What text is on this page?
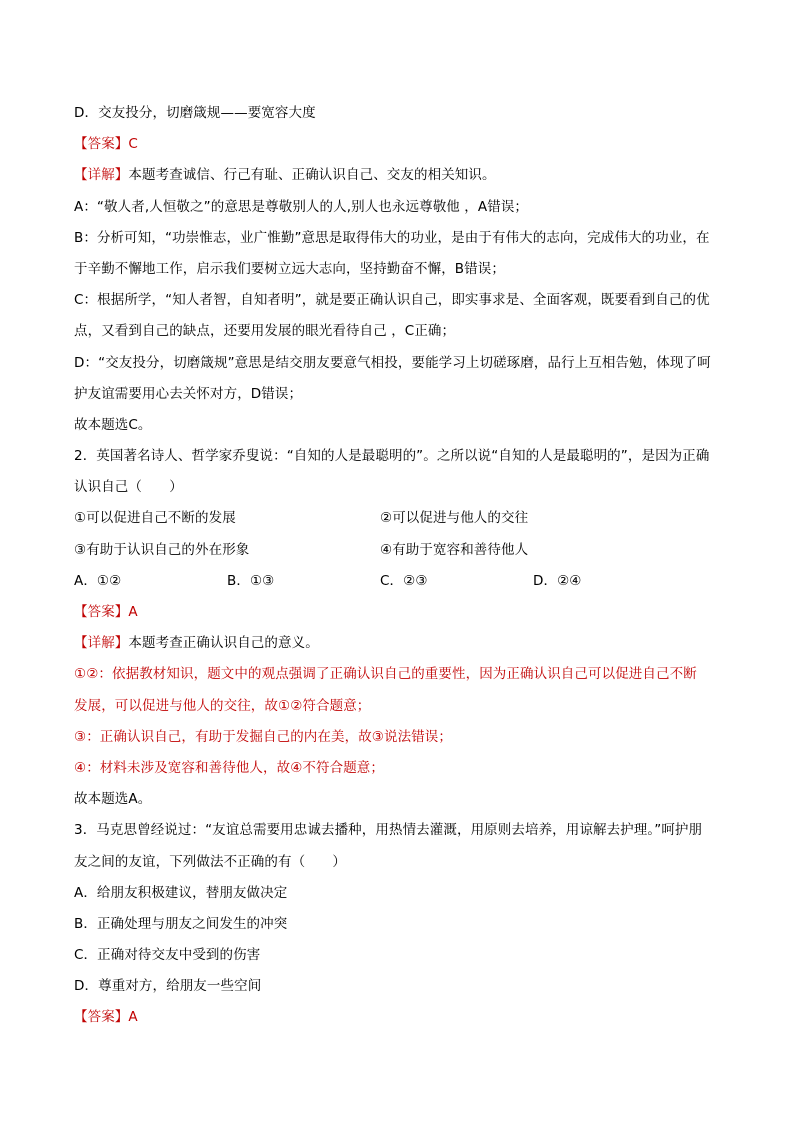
D．交友投分，切磨箴规——要宽容大度
【答案】C
【详解】本题考查诚信、行己有耻、正确认识自己、交友的相关知识。
A：“敬人者,人恒敬之”的意思是尊敬别人的人,别人也永远尊敬他 ，A错误；
B：分析可知，“功崇惟志，业广惟勤”意思是取得伟大的功业，是由于有伟大的志向，完成伟大的功业，在
于辛勤不懈地工作，启示我们要树立远大志向，坚持勤奋不懈，B错误；
C：根据所学，“知人者智，自知者明”，就是要正确认识自己，即实事求是、全面客观，既要看到自己的优
点，又看到自己的缺点，还要用发展的眼光看待自己 ，C正确；
D：“交友投分，切磨箴规”意思是结交朋友要意气相投，要能学习上切磋琢磨，品行上互相告勉，体现了呵
护友谊需要用心去关怀对方，D错误；
故本题选C。
2．英国著名诗人、哲学家乔叟说：“自知的人是最聪明的”。之所以说“自知的人是最聪明的”，是因为正确
认识自己（　　）
①可以促进自己不断的发展	②可以促进与他人的交往
③有助于认识自己的外在形象	④有助于宽容和善待他人
A．①②	B．①③	C．②③	D．②④
【答案】A
【详解】本题考查正确认识自己的意义。
①②：依据教材知识，题文中的观点强调了正确认识自己的重要性，因为正确认识自己可以促进自己不断
发展，可以促进与他人的交往，故①②符合题意；
③：正确认识自己，有助于发掘自己的内在美，故③说法错误；
④：材料未涉及宽容和善待他人，故④不符合题意；
故本题选A。
3．马克思曾经说过：“友谊总需要用忠诚去播种，用热情去灌溉，用原则去培养，用谅解去护理。”呵护朋
友之间的友谊，下列做法不正确的有（　　）
A．给朋友积极建议，替朋友做决定
B．正确处理与朋友之间发生的冲突
C．正确对待交友中受到的伤害
D．尊重对方，给朋友一些空间
【答案】A
